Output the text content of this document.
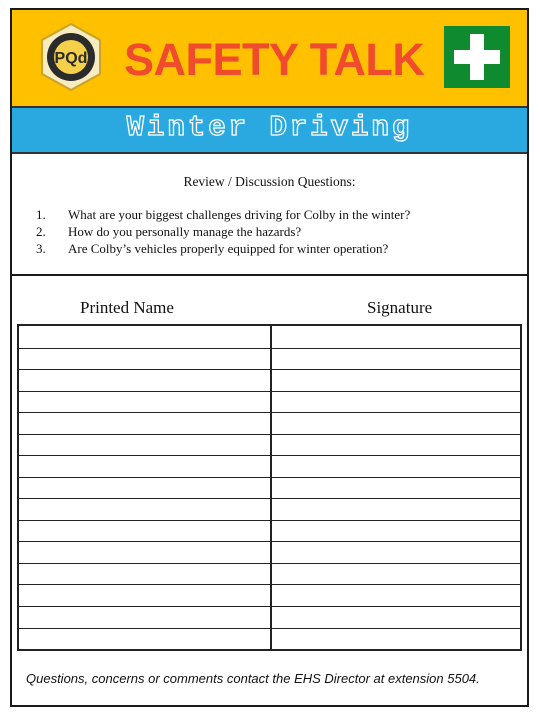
PQd SAFETY TALK
Winter Driving
Review / Discussion Questions:
1. What are your biggest challenges driving for Colby in the winter?
2. How do you personally manage the hazards?
3. Are Colby’s vehicles properly equipped for winter operation?
Printed Name	Signature
Questions, concerns or comments contact the EHS Director at extension 5504.
